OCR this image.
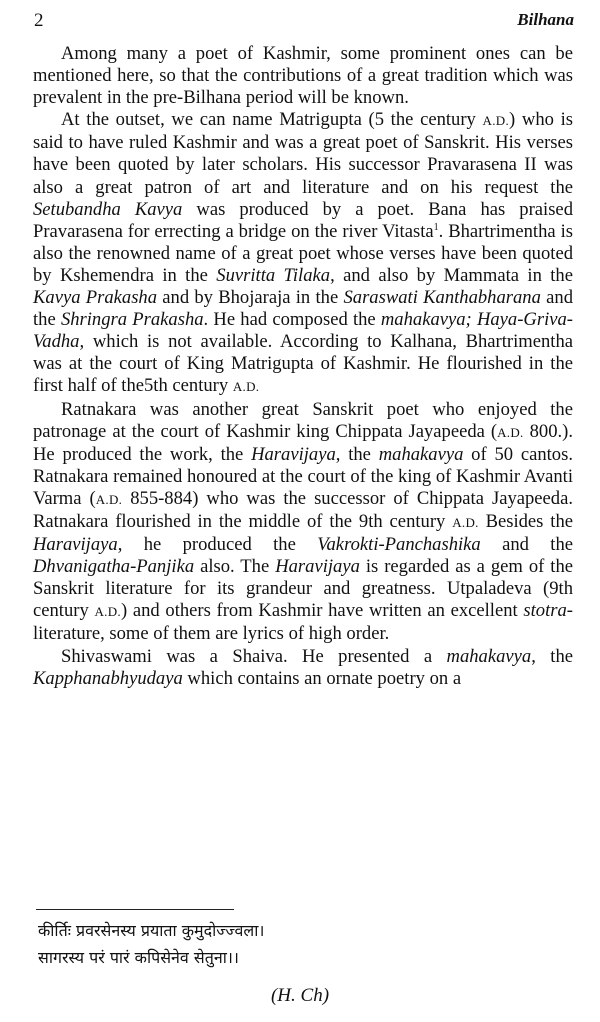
2	Bilhana

Among many a poet of Kashmir, some prominent ones can be mentioned here, so that the contributions of a great tradition which was prevalent in the pre-Bilhana period will be known.

At the outset, we can name Matrigupta (5 the century A.D.) who is said to have ruled Kashmir and was a great poet of Sanskrit. His verses have been quoted by later scholars. His successor Pravarasena II was also a great patron of art and literature and on his request the Setubandha Kavya was produced by a poet. Bana has praised Pravarasena for errecting a bridge on the river Vitasta$^1$. Bhartrimentha is also the renowned name of a great poet whose verses have been quoted by Kshemendra in the Suvritta Tilaka, and also by Mammata in the Kavya Prakasha and by Bhojaraja in the Saraswati Kanthabharana and the Shringra Prakasha. He had composed the mahakavya; Haya-Griva-Vadha, which is not available. According to Kalhana, Bhartrimentha was at the court of King Matrigupta of Kashmir. He flourished in the first half of the5th century A.D.

Ratnakara was another great Sanskrit poet who enjoyed the patronage at the court of Kashmir king Chippata Jayapeeda (A.D. 800.). He produced the work, the Haravijaya, the mahakavya of 50 cantos. Ratnakara remained honoured at the court of the king of Kashmir Avanti Varma (A.D. 855-884) who was the successor of Chippata Jayapeeda. Ratnakara flourished in the middle of the 9th century A.D. Besides the Haravijaya, he produced the Vakrokti-Panchashika and the Dhvanigatha-Panjika also. The Haravijaya is regarded as a gem of the Sanskrit literature for its grandeur and greatness. Utpaladeva (9th century A.D.) and others from Kashmir have written an excellent stotra-literature, some of them are lyrics of high order.

Shivaswami was a Shaiva. He presented a mahakavya, the Kapphanabhyudaya which contains an ornate poetry on a

कीर्तिः प्रवरसेनस्य प्रयाता कुमुदोज्ज्वला।
सागरस्य परं पारं कपिसेनेव सेतुना।।
(H. Ch)
